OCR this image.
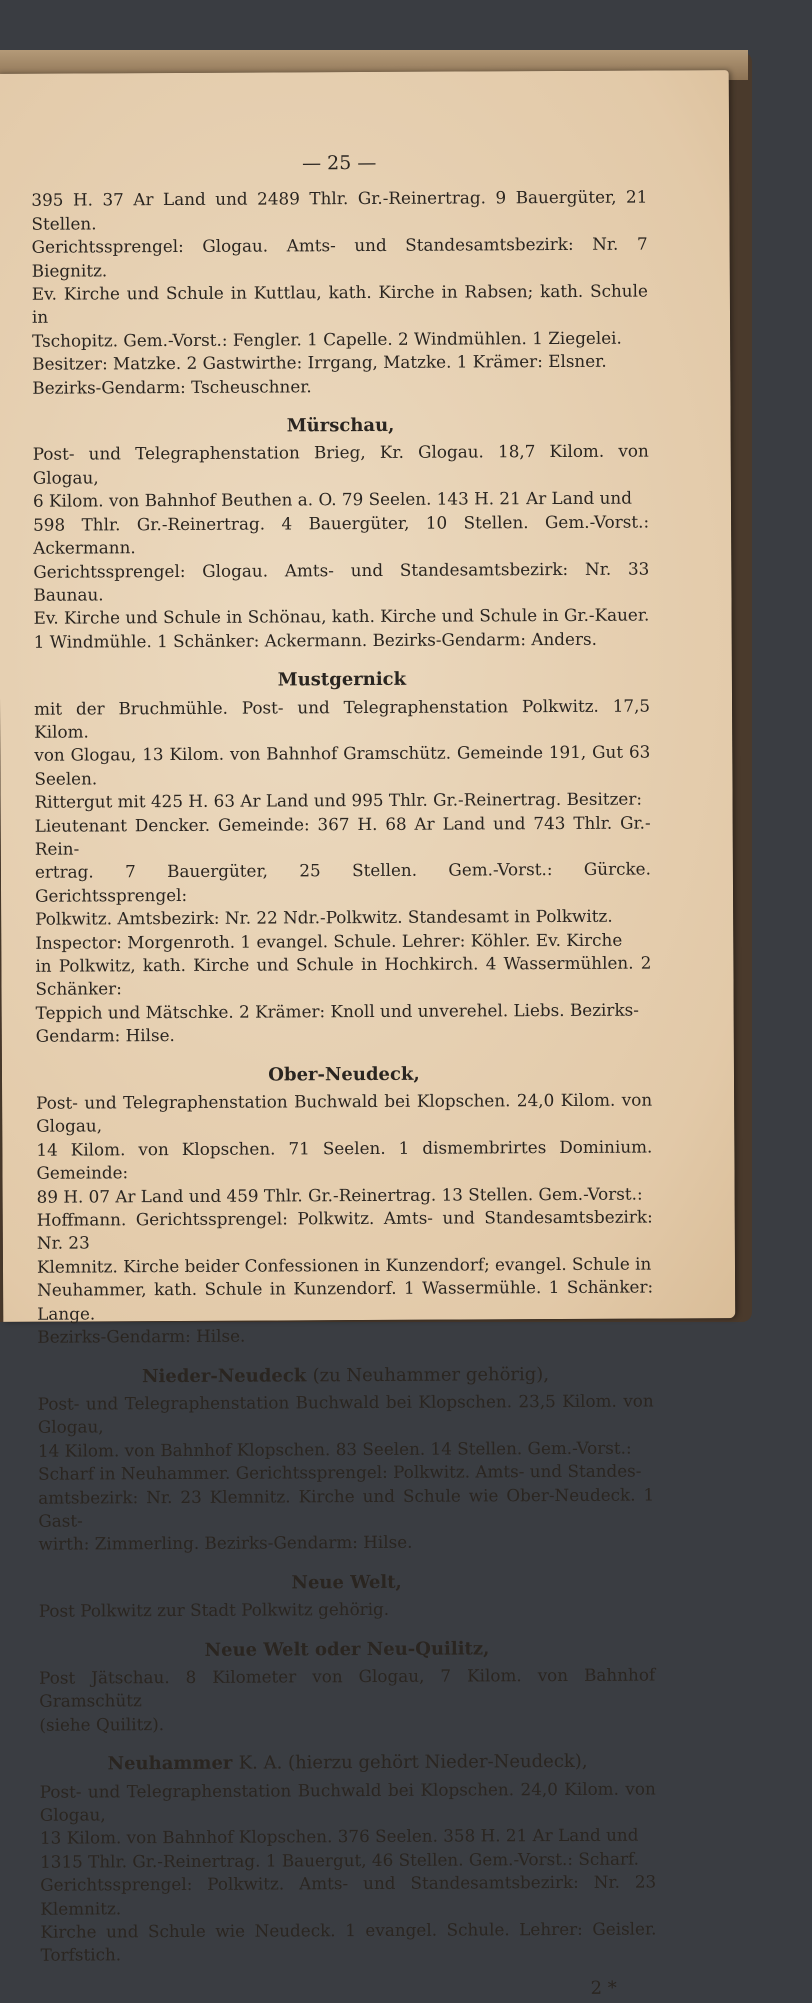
— 25 —

395 H. 37 Ar Land und 2489 Thlr. Gr.-Reinertrag. 9 Bauergüter, 21 Stellen.

Gerichtssprengel: Glogau. Amts- und Standesamtsbezirk: Nr. 7 Biegnitz.

Ev. Kirche und Schule in Kuttlau, kath. Kirche in Rabsen; kath. Schule in

Tschopitz. Gem.-Vorst.: Fengler. 1 Capelle. 2 Windmühlen. 1 Ziegelei.

Besitzer: Matzke. 2 Gastwirthe: Irrgang, Matzke. 1 Krämer: Elsner.

Bezirks-Gendarm: Tscheuschner.

Mürschau,

Post- und Telegraphenstation Brieg, Kr. Glogau. 18,7 Kilom. von Glogau,

6 Kilom. von Bahnhof Beuthen a. O. 79 Seelen. 143 H. 21 Ar Land und

598 Thlr. Gr.-Reinertrag. 4 Bauergüter, 10 Stellen. Gem.-Vorst.: Ackermann.

Gerichtssprengel: Glogau. Amts- und Standesamtsbezirk: Nr. 33 Baunau.

Ev. Kirche und Schule in Schönau, kath. Kirche und Schule in Gr.-Kauer.

1 Windmühle. 1 Schänker: Ackermann. Bezirks-Gendarm: Anders.

Mustgernick

mit der Bruchmühle. Post- und Telegraphenstation Polkwitz. 17,5 Kilom.

von Glogau, 13 Kilom. von Bahnhof Gramschütz. Gemeinde 191, Gut 63 Seelen.

Rittergut mit 425 H. 63 Ar Land und 995 Thlr. Gr.-Reinertrag. Besitzer:

Lieutenant Dencker. Gemeinde: 367 H. 68 Ar Land und 743 Thlr. Gr.-Rein-

ertrag. 7 Bauergüter, 25 Stellen. Gem.-Vorst.: Gürcke. Gerichtssprengel:

Polkwitz. Amtsbezirk: Nr. 22 Ndr.-Polkwitz. Standesamt in Polkwitz.

Inspector: Morgenroth. 1 evangel. Schule. Lehrer: Köhler. Ev. Kirche

in Polkwitz, kath. Kirche und Schule in Hochkirch. 4 Wassermühlen. 2 Schänker:

Teppich und Mätschke. 2 Krämer: Knoll und unverehel. Liebs. Bezirks-

Gendarm: Hilse.

Ober-Neudeck,

Post- und Telegraphenstation Buchwald bei Klopschen. 24,0 Kilom. von Glogau,

14 Kilom. von Klopschen. 71 Seelen. 1 dismembrirtes Dominium. Gemeinde:

89 H. 07 Ar Land und 459 Thlr. Gr.-Reinertrag. 13 Stellen. Gem.-Vorst.:

Hoffmann. Gerichtssprengel: Polkwitz. Amts- und Standesamtsbezirk: Nr. 23

Klemnitz. Kirche beider Confessionen in Kunzendorf; evangel. Schule in

Neuhammer, kath. Schule in Kunzendorf. 1 Wassermühle. 1 Schänker: Lange.

Bezirks-Gendarm: Hilse.

Nieder-Neudeck (zu Neuhammer gehörig),

Post- und Telegraphenstation Buchwald bei Klopschen. 23,5 Kilom. von Glogau,

14 Kilom. von Bahnhof Klopschen. 83 Seelen. 14 Stellen. Gem.-Vorst.:

Scharf in Neuhammer. Gerichtssprengel: Polkwitz. Amts- und Standes-

amtsbezirk: Nr. 23 Klemnitz. Kirche und Schule wie Ober-Neudeck. 1 Gast-

wirth: Zimmerling. Bezirks-Gendarm: Hilse.

Neue Welt,

Post Polkwitz zur Stadt Polkwitz gehörig.

Neue Welt oder Neu-Quilitz,

Post Jätschau. 8 Kilometer von Glogau, 7 Kilom. von Bahnhof Gramschütz

(siehe Quilitz).

Neuhammer K. A. (hierzu gehört Nieder-Neudeck),

Post- und Telegraphenstation Buchwald bei Klopschen. 24,0 Kilom. von Glogau,

13 Kilom. von Bahnhof Klopschen. 376 Seelen. 358 H. 21 Ar Land und

1315 Thlr. Gr.-Reinertrag. 1 Bauergut, 46 Stellen. Gem.-Vorst.: Scharf.

Gerichtssprengel: Polkwitz. Amts- und Standesamtsbezirk: Nr. 23 Klemnitz.

Kirche und Schule wie Neudeck. 1 evangel. Schule. Lehrer: Geisler. Torfstich.

2 *
